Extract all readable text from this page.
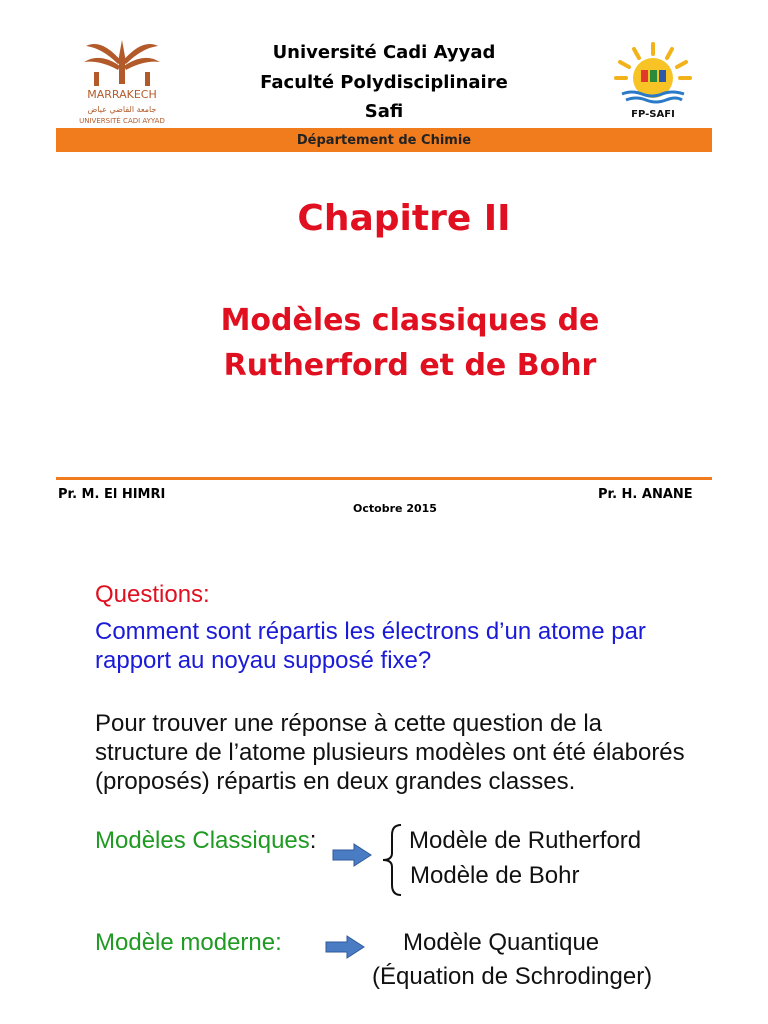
MARRAKECH
جامعة القاضي عياض
UNIVERSITÉ CADI AYYAD
FP-SAFI
Université Cadi Ayyad
Faculté Polydisciplinaire
Safi
Département de Chimie
Chapitre II
Modèles classiques de
Rutherford et de Bohr
Pr. M. El HIMRI	Pr. H. ANANE
Octobre 2015
Questions:
Comment sont répartis les électrons d’un atome par rapport au noyau supposé fixe?
Pour trouver une réponse à cette question de la structure de l’atome plusieurs modèles ont été élaborés (proposés) répartis en deux grandes classes.
Modèles Classiques:	Modèle de Rutherford
Modèle de Bohr
Modèle moderne:	Modèle Quantique
(Équation de Schrodinger)
